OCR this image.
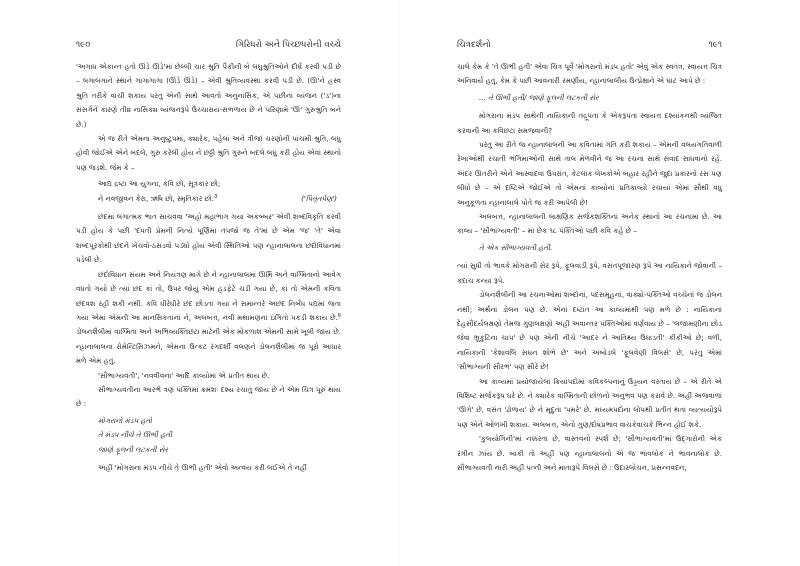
૧૯૦	ગિરિધરો અને પિચ્છધરોની વચ્ચે

'અગાધ એકાન્ત હતો ઊંડે ઊંડે'માં છેલ્લી ચાર શ્રુતિ પૈકીની બે લઘુશ્રુતિઓને દીર્ઘ કરવી પડી છે – લગાલગાને સ્થાને ગાગાગાગા (ઊંડે ઊંડે) – એવી શ્રુતિવ્યવસ્થા કરવી પડી છે. (ઊં'ને હ્રસ્વ શ્રુતિ તરીકે વાંચી શકાય પરંતુ એની સાથે આવતો અનુનાસિક, એ પછીના વ્યંજન ('ડ')ના સંસર્ગને કારણે તીવ્ર નાસિક્ય વ્યંજનરૂપે ઉચ્ચારાય-સંભળાય છે ને પરિણામે 'ઊં' ગુરુશ્રુતિ બને છે.)

એ જ રીતે એમના અનુષ્ટુપમાં, ક્યારેક, પહેલાં અને ત્રીજાં ચરણોની પાંચમી શ્રુતિ, લઘુ હોવી જોઈએ એને બદલે, ગુરુ કરેલી હોય ને છઠ્ઠી શ્રુતિ ગુરુને બદલે લઘુ કરી હોય એવાં સ્થાનો પણ જડશે. જેમ કે –

આદ્ય દ્રષ્ટા આ યુગના, કવિ છો, સૂત્રકાર છો;
ને નવજીવન કેરા, ઋષિ છો, સ્મૃતિકાર છો.$^૩$	('પિતૃતર્પણ')

છંદમાં લગાત્મક ભાત સાચવવા 'અહો મહાભાગ ગયા અકબ્બર' એવી શબ્દવિકૃતિ કરવી પડી હોય કે પછી 'દંપતી પ્રેમની નિત્યે પૂર્ણિમા તપજો જ તે'માં છે એમ 'જ' 'તે' એવા શબ્દપૂરકોથી છંદને ખેંચવો-ઠસડવો પડ્યો હોય એવી સ્થિતિઓ પણ ન્હાનાલાલના છંદોવિધાનમાં પડેલી છે.

છંદોવિધાન સંયમ અને નિયંત્રણ માગે છે ને ન્હાનાલાલમાં ઊર્મિ અને વાગ્મિતાનો આવેગ વધતો ગયો છે ત્યાં છંદ કાં તો, ઉપર જોયું એમ હડફેટે ચડી ગયા છે, કાં તો એમની કવિતા છંદવશ રહી શકી નથી. કવિ ધીરેધીરે છંદ છોડતા ગયા ને સમાન્તરે અછંદ નિર્બંધ પદ્યમાં જતા ગયા એમાં એમની આ માનસિકતાનાં ને, અલબત્ત, નવી મથામણનાં ઇંગિતો પકડી શકાય છે.$^૪$ ડોલનશૈલીમાં વાગ્મિતા અને અભિવ્યક્તિછટા માટેની એક મોકળાશ એમની સામે ખૂલી જાય છે. ન્હાનાલાલના રોમેન્ટિસિઝમને, એમના ઉત્કટ રંગદર્શી વલણને ડોલનશૈલીમાં જ પૂરો આધાર મળે એમ હતું.

'સૌભાગ્યવતી', 'નવવીવના' આદિ કાવ્યોમાં એ પ્રતીત થાય છે.

સૌભાગ્યવતીના આરંભે ત્રણ પંક્તિમાં ક્રમશઃ દશ્ય રચાતું જાય છે ને એમ ચિત્ર પૂરું થાય છે :

મોગરાનો મંડપ હતો
તે મંડપ નીચે તે ઊભી હતી
જાણે ફૂલની લટકતી સેર

અહીં 'મોગરાના મંડપ નીચે તે ઊભી હતી' એવો અન્વય કરી લઈએ તે નહીં

ચિત્રદર્શનો	૧૯૧

ચાલે કેમ કે 'તે ઊભી હતી' એવા ચિત્ર પૂર્વે 'મોગરાનો મંડપ હતો' એવું એક સ્વતંત્ર, સ્વાયત્ત ચિત્ર અનિવાર્ય હતું, કેમ કે પછી આવનારી રમણીય, ન્હાનાલાલીય ઉત્પ્રેક્ષાને એ ઘાટ આપે છે :

... તે ઊભી હતી/ જાણે ફૂલની લટકતી સેર

મોગરાના મંડપ સાથેની નાયિકાની તદ્રૂપતા કે એકરૂપતા સ્વાયત્ત દશ્યાંકનથી વ્યંજિત કરવાની આ કવિછટા સમજવાની?

પરંતુ આ રીતે જ ન્હાનાલાલની આ કવિતામાં ગતિ કરી શકાય – એમની વલયગતિવાળી રેખાઓથી રચાતી ભંગિમાઓની સાથે તાલ મેળવીને જ આ રચના સાથે સંવાદ સાધવાનો રહે. અંદર ઊતરીને એને આસ્વાદવા ઉપરાંત, કેટલાક લેખકોએ બહાર રહીને જુદા પ્રકારનો રસ પણ લીધો છે – એ દષ્ટિએ જોઈએ તો એમનાં કાવ્યોનાં પ્રતિકાવ્યો રચાયાં એમાં સૌથી વધુ અનુકૂળતા ન્હાનાલાલે પોતે જ કરી આપેલી છે!

અલબત્ત, ન્હાનાલાલની લાક્ષણિક સર્જકશક્તિનાં અનેક સ્થાનો આ રચનામાં છે. આ કાવ્ય – 'સૌભાગ્યવતી' – માં છેક ૧૮ પંક્તિઓ પછી કવિ કહે છે –

તે એક સૌભાગ્યવતી હતી.

ત્યાં સુધી તો ભાવકે મોગરાની સેર રૂપે, ફૂલવાડી રૂપે, વસંતપૂજારણ રૂપે આ નાયિકાને જોવાની – કદાચ કન્યા રૂપે.

ડોલનશૈલીની આ રચનાઓમાં શબ્દોનાં, પદસમૂહનાં, વાક્યો-પંક્તિઓ વચ્ચેનાં જ ડોલન નથી; અર્થનાં ડોલન પણ છે. એનાં દષ્ટાંત આ કાવ્યમાંથી પણ મળે છે : નાયિકાનાં દેહસૌંદર્યલક્ષણો તેમજ ગુણલક્ષણો અહીં અવાન્તર પંક્તિઓમાં વર્ણવાય છે – 'લજામણીના છોડ જેવા ભ્રૂકુટિના ચાપ' છે પણ એની નીચે 'આદર ને આતિથ્ય ઉઘાડતી' કીકીઓ છે; વળી, નાયિકાની 'કેશાવલિ સઘન શોભે છે' અને અંબોડલે 'ફૂલવેણી વિલસે' છે, પરંતુ એમાં 'સૌભાગ્યની સૌરભ' પણ સૌરે છે!

આ કાવ્યમાં પ્રયોજાયેલાં ક્રિયાપદોમાં કવિકલ્પનાનું ઉડ્ડયન વરતાય છે – એ રીતે એ વિશિષ્ટ સર્જકરૂપ ધરે છે. ને ક્યારેક વાગ્મિતાની છોળનો અનુભવ પણ કરાવે છે. અહીં અજવાળાં 'ઊગે' છે, વસંત 'ઢોળાય' છે ને મૃદુતા 'પમરે' છે. મધ્યમપદોના લોપથી પ્રતીત થતા વ્યત્યયોરૂપે પણ એને ઓળખી શકાય. અલબત્ત, એનો ગુણ/દોષપ્રભાવ વાચકેવાચકે ભિન્ન હોઈ શકે.

'કુલયોગિની'માં નક્કરતા છે, વાસ્તવનો સ્પર્શ છે; 'સૌભાગ્યવતી'માં ઉદ્ગારોની એક રંગીન ઝાંય છે. બાકી તો અહીં પણ ન્હાનાલાલનો એ જ ભાવલોક ને ભાવનાલોક છે. સૌભાગ્યવતી નારી અહીં પત્ની અને માતારૂપે વિલસે છે : ઉદારલોચન, પ્રસન્નવદન,
